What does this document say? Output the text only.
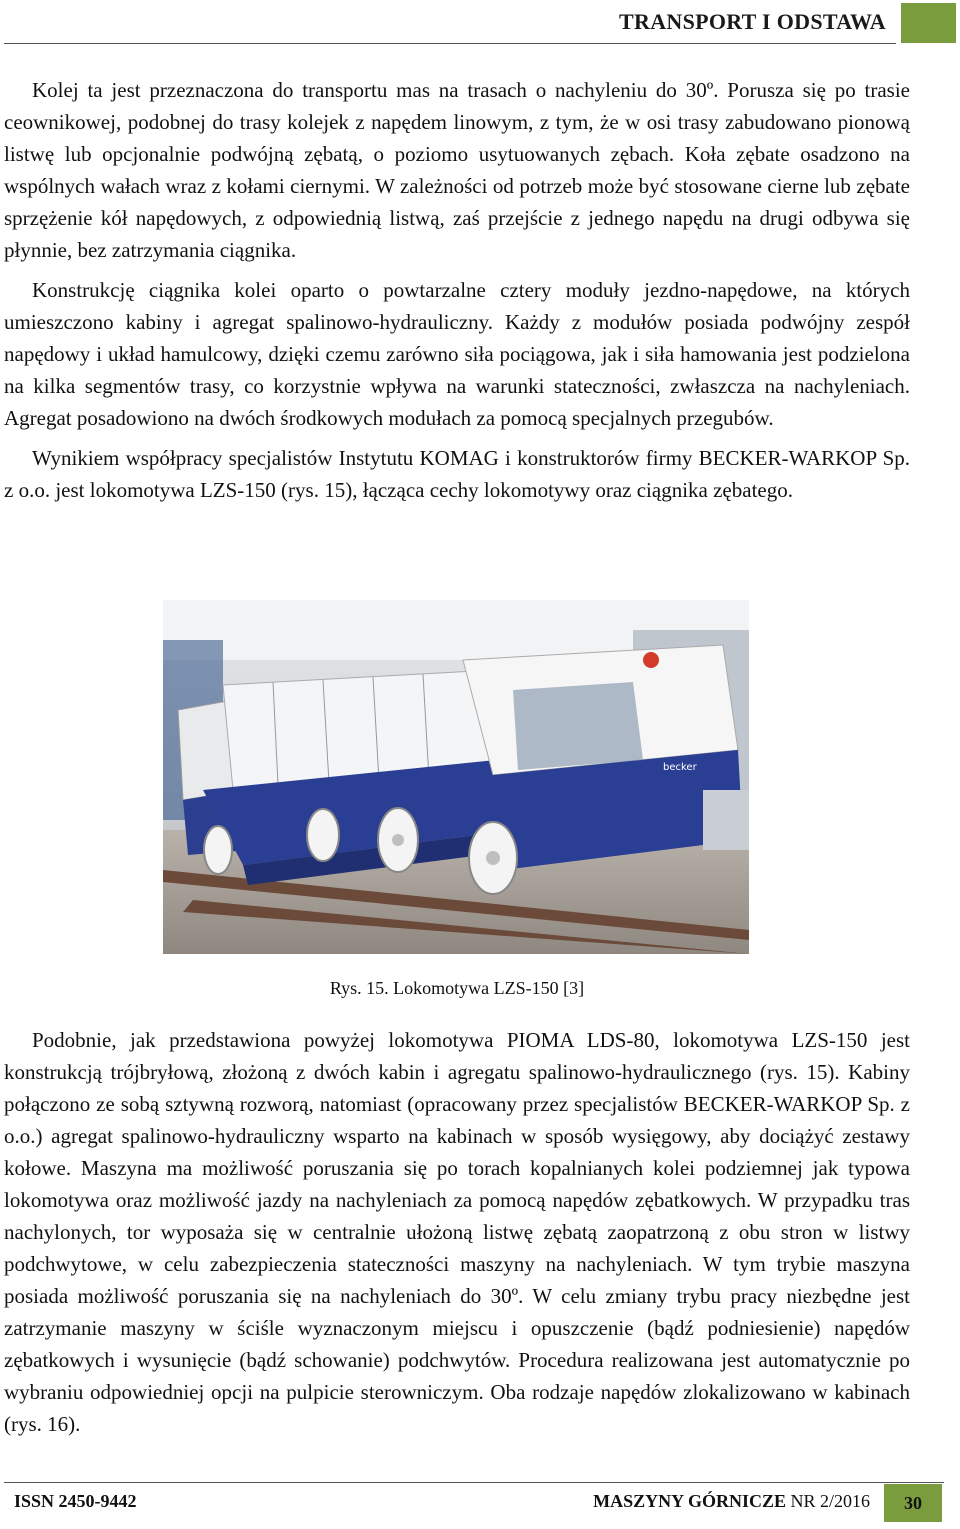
TRANSPORT I ODSTAWA

Kolej ta jest przeznaczona do transportu mas na trasach o nachyleniu do 30º. Porusza się po trasie ceownikowej, podobnej do trasy kolejek z napędem linowym, z tym, że w osi trasy zabudowano pionową listwę lub opcjonalnie podwójną zębatą, o poziomo usytuowanych zębach. Koła zębate osadzono na wspólnych wałach wraz z kołami ciernymi. W zależności od potrzeb może być stosowane cierne lub zębate sprzężenie kół napędowych, z odpowiednią listwą, zaś przejście z jednego napędu na drugi odbywa się płynnie, bez zatrzymania ciągnika.

Konstrukcję ciągnika kolei oparto o powtarzalne cztery moduły jezdno-napędowe, na których umieszczono kabiny i agregat spalinowo-hydrauliczny. Każdy z modułów posiada podwójny zespół napędowy i układ hamulcowy, dzięki czemu zarówno siła pociągowa, jak i siła hamowania jest podzielona na kilka segmentów trasy, co korzystnie wpływa na warunki stateczności, zwłaszcza na nachyleniach. Agregat posadowiono na dwóch środkowych modułach za pomocą specjalnych przegubów.

Wynikiem współpracy specjalistów Instytutu KOMAG i konstruktorów firmy BECKER-WARKOP Sp. z o.o. jest lokomotywa LZS-150 (rys. 15), łącząca cechy lokomotywy oraz ciągnika zębatego.

becker
Rys. 15. Lokomotywa LZS-150 [3]

Podobnie, jak przedstawiona powyżej lokomotywa PIOMA LDS-80, lokomotywa LZS-150 jest konstrukcją trójbryłową, złożoną z dwóch kabin i agregatu spalinowo-hydraulicznego (rys. 15). Kabiny połączono ze sobą sztywną rozworą, natomiast (opracowany przez specjalistów BECKER-WARKOP Sp. z o.o.) agregat spalinowo-hydrauliczny wsparto na kabinach w sposób wysięgowy, aby dociążyć zestawy kołowe. Maszyna ma możliwość poruszania się po torach kopalnianych kolei podziemnej jak typowa lokomotywa oraz możliwość jazdy na nachyleniach za pomocą napędów zębatkowych. W przypadku tras nachylonych, tor wyposaża się w centralnie ułożoną listwę zębatą zaopatrzoną z obu stron w listwy podchwytowe, w celu zabezpieczenia stateczności maszyny na nachyleniach. W tym trybie maszyna posiada możliwość poruszania się na nachyleniach do 30º. W celu zmiany trybu pracy niezbędne jest zatrzymanie maszyny w ściśle wyznaczonym miejscu i opuszczenie (bądź podniesienie) napędów zębatkowych i wysunięcie (bądź schowanie) podchwytów. Procedura realizowana jest automatycznie po wybraniu odpowiedniej opcji na pulpicie sterowniczym. Oba rodzaje napędów zlokalizowano w kabinach (rys. 16).

ISSN 2450-9442	MASZYNY GÓRNICZE NR 2/2016	30
